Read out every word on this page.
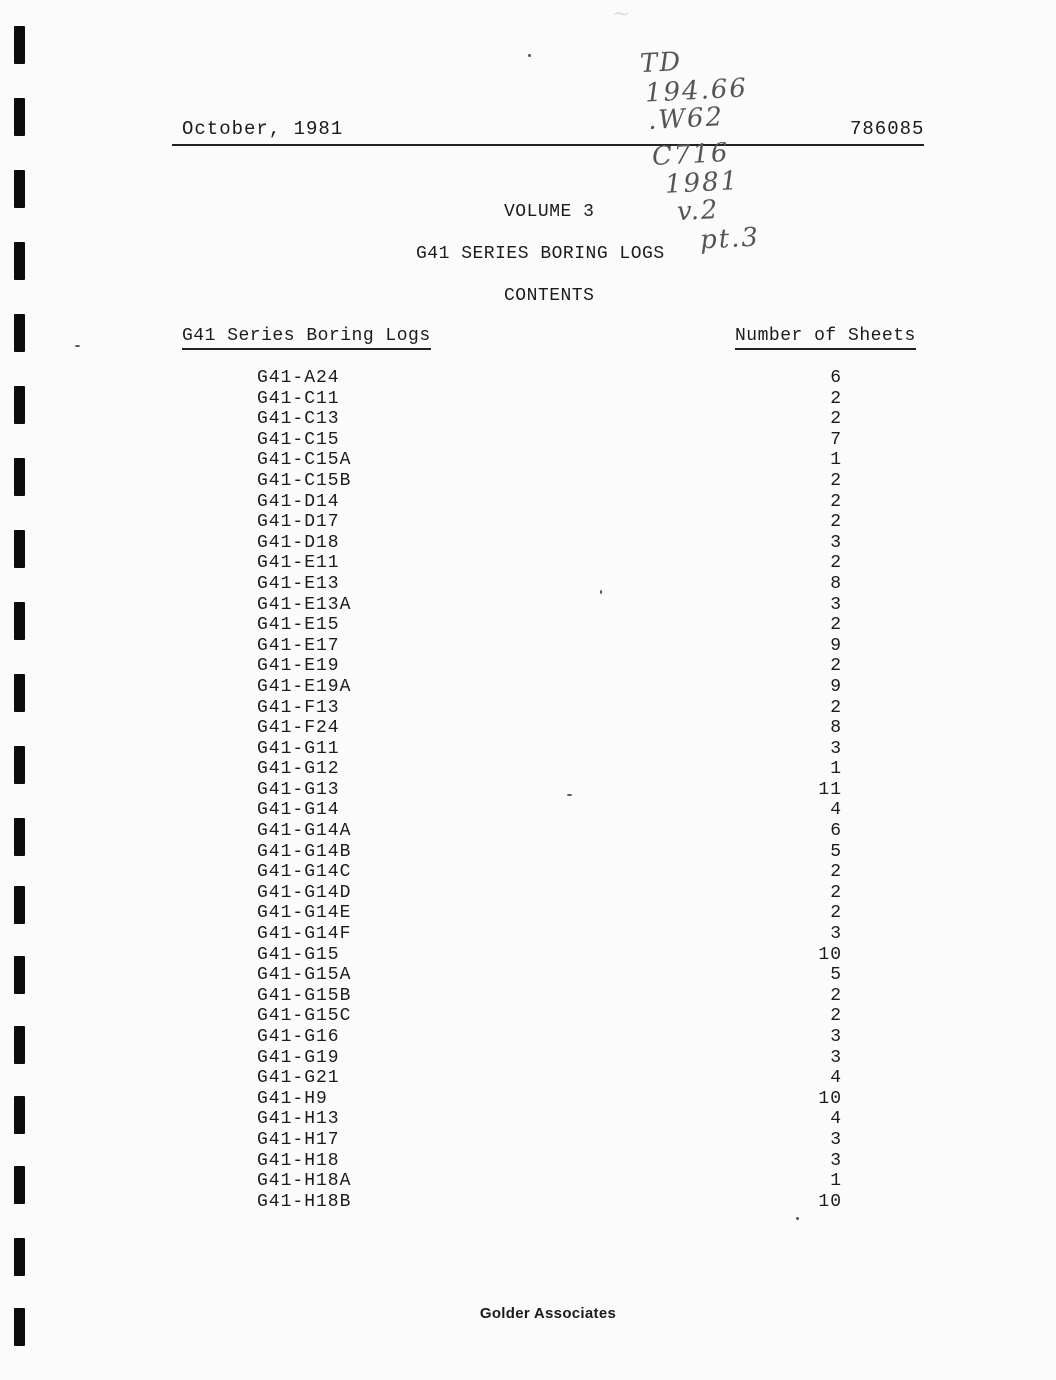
~
October, 1981	786085
TD
194.66
.W62
C716
1981
v.2
pt.3
VOLUME 3
G41 SERIES BORING LOGS
CONTENTS
G41 Series Boring Logs	Number of Sheets
G41-A24	6
G41-C11	2
G41-C13	2
G41-C15	7
G41-C15A	1
G41-C15B	2
G41-D14	2
G41-D17	2
G41-D18	3
G41-E11	2
G41-E13	8
G41-E13A	3
G41-E15	2
G41-E17	9
G41-E19	2
G41-E19A	9
G41-F13	2
G41-F24	8
G41-G11	3
G41-G12	1
G41-G13	11
G41-G14	4
G41-G14A	6
G41-G14B	5
G41-G14C	2
G41-G14D	2
G41-G14E	2
G41-G14F	3
G41-G15	10
G41-G15A	5
G41-G15B	2
G41-G15C	2
G41-G16	3
G41-G19	3
G41-G21	4
G41-H9	10
G41-H13	4
G41-H17	3
G41-H18	3
G41-H18A	1
G41-H18B	10
Golder Associates
